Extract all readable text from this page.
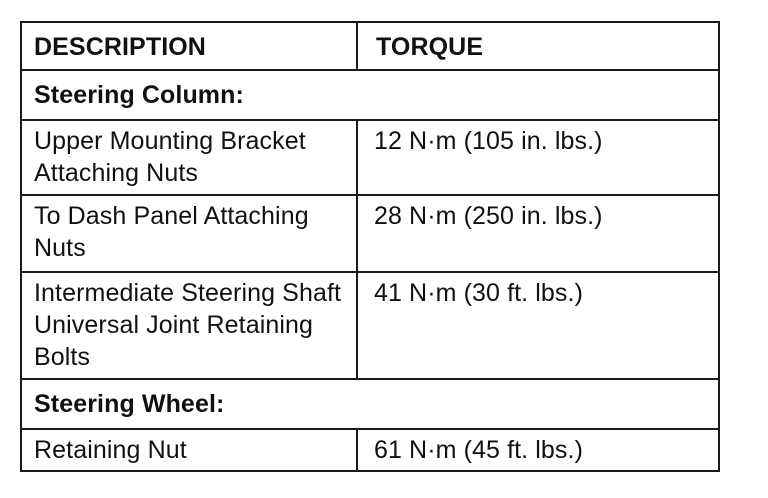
DESCRIPTION	TORQUE
Steering Column:	
Upper Mounting Bracket Attaching Nuts	12 N·m (105 in. lbs.)
To Dash Panel Attaching Nuts	28 N·m (250 in. lbs.)
Intermediate Steering Shaft Universal Joint Retaining Bolts	41 N·m (30 ft. lbs.)
Steering Wheel:	
Retaining Nut	61 N·m (45 ft. lbs.)
